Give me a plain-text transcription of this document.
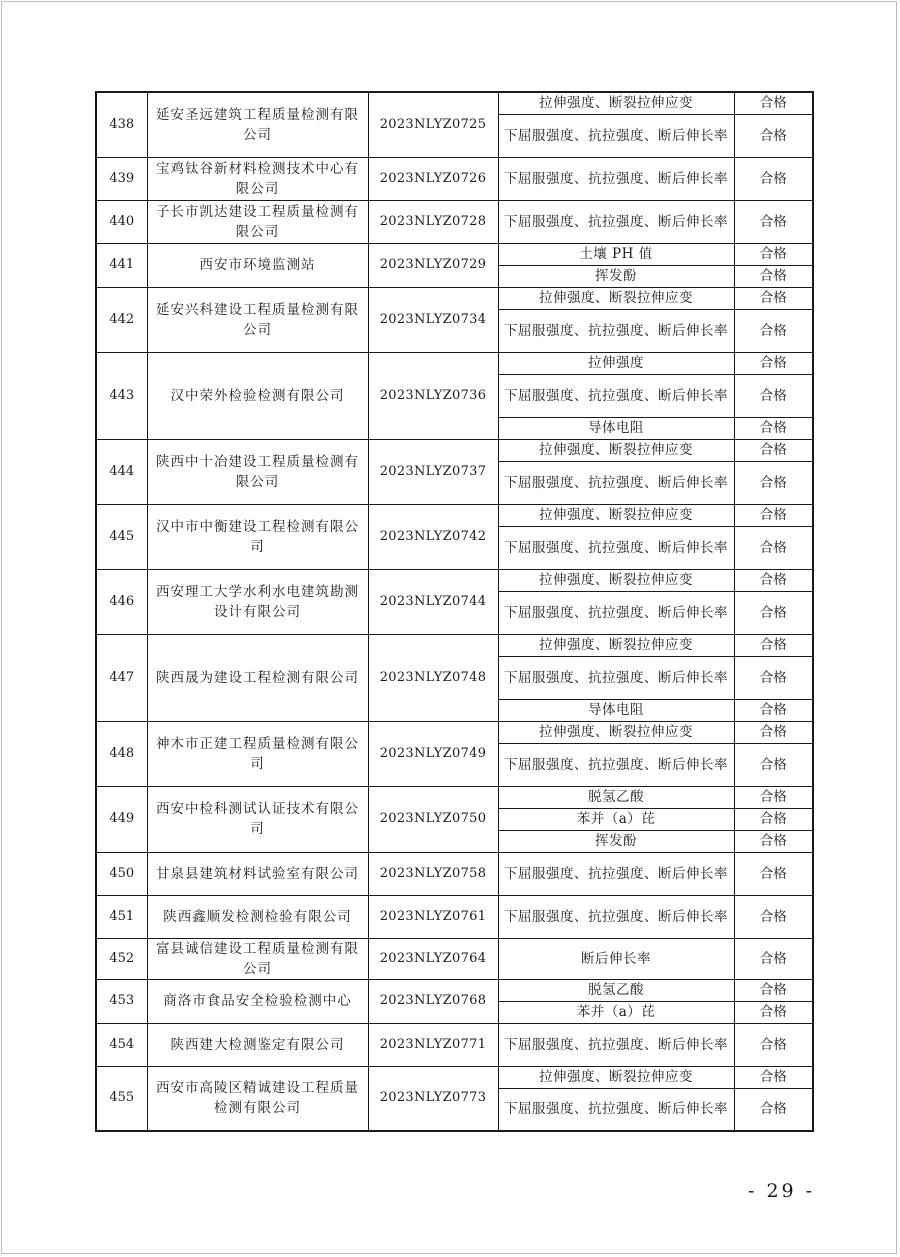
438	延安圣远建筑工程质量检测有限公司	2023NLYZ0725	拉伸强度、断裂拉伸应变	合格
			下屈服强度、抗拉强度、断后伸长率	合格
439	宝鸡钛谷新材料检测技术中心有限公司	2023NLYZ0726	下屈服强度、抗拉强度、断后伸长率	合格
440	子长市凯达建设工程质量检测有限公司	2023NLYZ0728	下屈服强度、抗拉强度、断后伸长率	合格
441	西安市环境监测站	2023NLYZ0729	土壤 PH 值	合格
			挥发酚	合格
442	延安兴科建设工程质量检测有限公司	2023NLYZ0734	拉伸强度、断裂拉伸应变	合格
			下屈服强度、抗拉强度、断后伸长率	合格
443	汉中荣外检验检测有限公司	2023NLYZ0736	拉伸强度	合格
			下屈服强度、抗拉强度、断后伸长率	合格
			导体电阻	合格
444	陕西中十冶建设工程质量检测有限公司	2023NLYZ0737	拉伸强度、断裂拉伸应变	合格
			下屈服强度、抗拉强度、断后伸长率	合格
445	汉中市中衡建设工程检测有限公司	2023NLYZ0742	拉伸强度、断裂拉伸应变	合格
			下屈服强度、抗拉强度、断后伸长率	合格
446	西安理工大学水利水电建筑勘测设计有限公司	2023NLYZ0744	拉伸强度、断裂拉伸应变	合格
			下屈服强度、抗拉强度、断后伸长率	合格
447	陕西晟为建设工程检测有限公司	2023NLYZ0748	拉伸强度、断裂拉伸应变	合格
			下屈服强度、抗拉强度、断后伸长率	合格
			导体电阻	合格
448	神木市正建工程质量检测有限公司	2023NLYZ0749	拉伸强度、断裂拉伸应变	合格
			下屈服强度、抗拉强度、断后伸长率	合格
449	西安中检科测试认证技术有限公司	2023NLYZ0750	脱氢乙酸	合格
			苯并（a）芘	合格
			挥发酚	合格
450	甘泉县建筑材料试验室有限公司	2023NLYZ0758	下屈服强度、抗拉强度、断后伸长率	合格
451	陕西鑫顺发检测检验有限公司	2023NLYZ0761	下屈服强度、抗拉强度、断后伸长率	合格
452	富县诚信建设工程质量检测有限公司	2023NLYZ0764	断后伸长率	合格
453	商洛市食品安全检验检测中心	2023NLYZ0768	脱氢乙酸	合格
			苯并（a）芘	合格
454	陕西建大检测鉴定有限公司	2023NLYZ0771	下屈服强度、抗拉强度、断后伸长率	合格
455	西安市高陵区精诚建设工程质量检测有限公司	2023NLYZ0773	拉伸强度、断裂拉伸应变	合格
			下屈服强度、抗拉强度、断后伸长率	合格
- 29 -
